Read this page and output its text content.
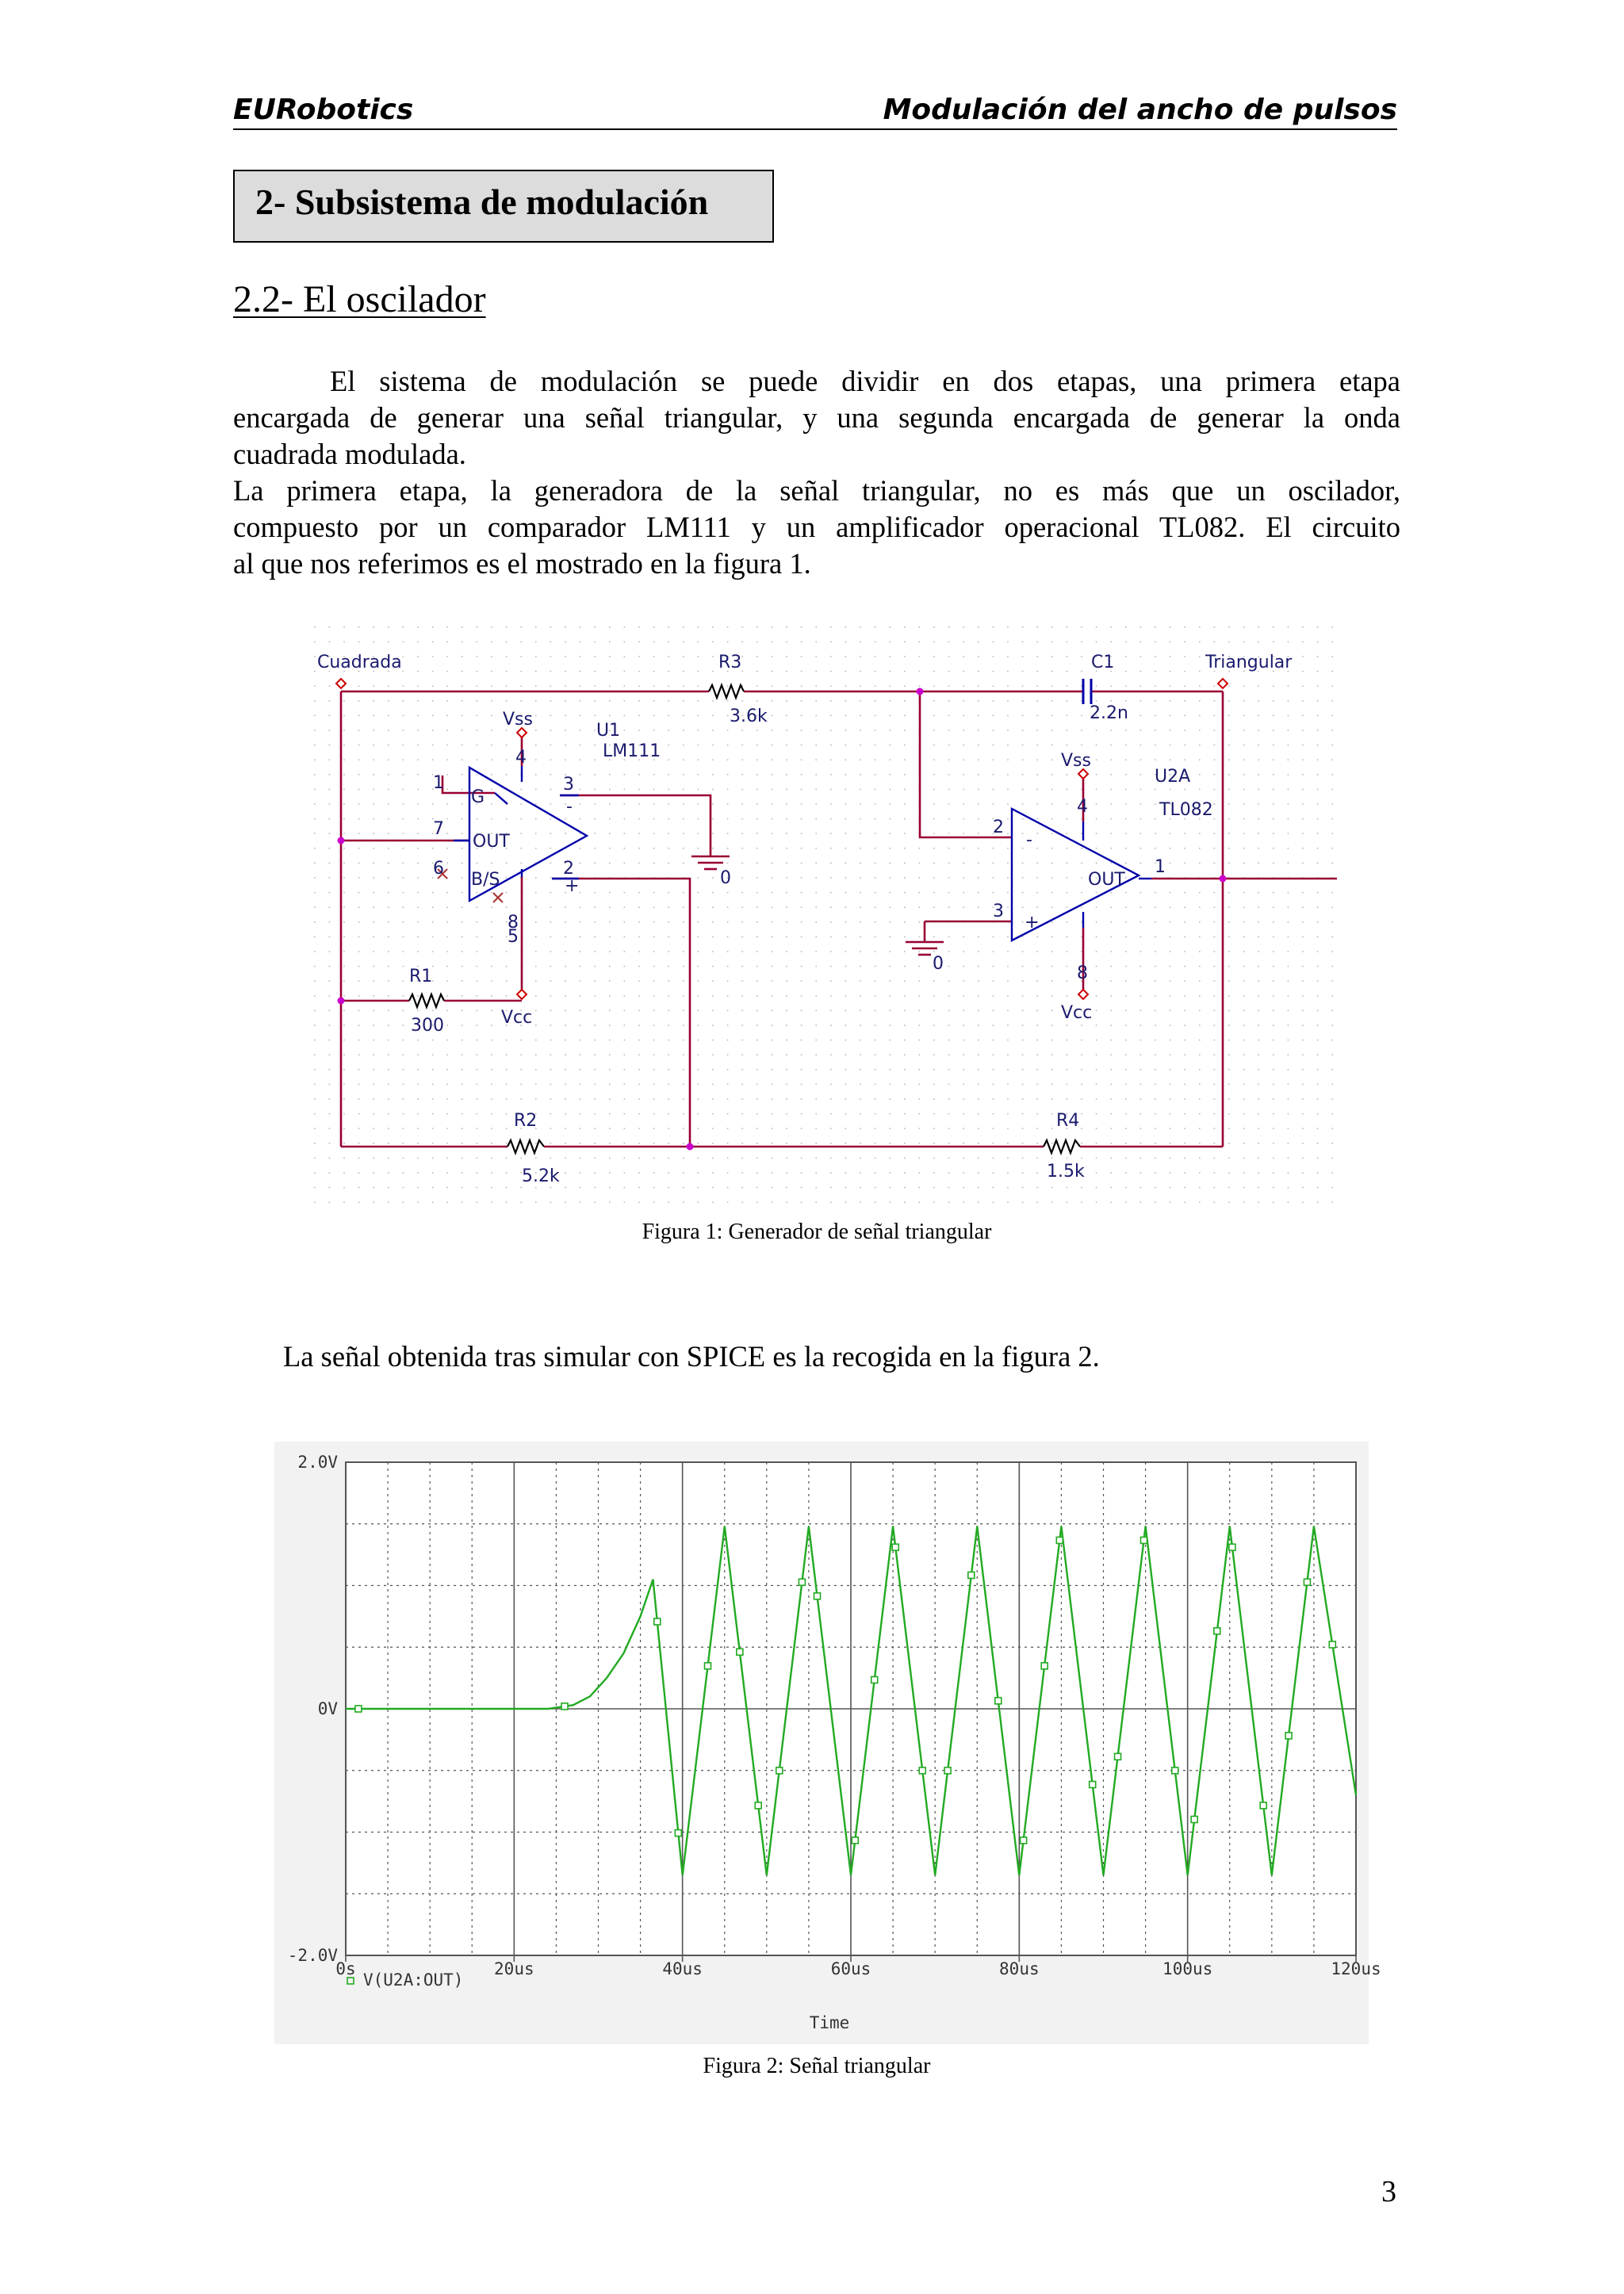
EURobotics	Modulación del ancho de pulsos
2- Subsistema de modulación
2.2- El oscilador
El sistema de modulación se puede dividir en dos etapas, una primera etapa
encargada de generar una señal triangular, y una segunda encargada de generar la onda
cuadrada modulada.
La primera etapa, la generadora de la señal triangular, no es más que un oscilador,
compuesto por un comparador LM111 y un amplificador operacional TL082. El circuito
al que nos referimos es el mostrado en la figura 1.
Cuadrada	Triangular
R3
3.6k
C1
2.2n
R1
300
R2
5.2k
R4
1.5k
U1
LM111
U2A
TL082
Vss
Vcc
Vss
Vcc
0
0
OUT
OUT
G
B/S
1
7
6
3
2
4
5
8
2
3
1
4
8
-
+
-
+
Figura 1: Generador de señal triangular
La señal obtenida tras simular con SPICE es la recogida en la figura 2.
0s	20us	40us	60us	80us	100us	120us
2.0V
0V
-2.0V
V(U2A:OUT)
Time
Figura 2: Señal triangular
3
